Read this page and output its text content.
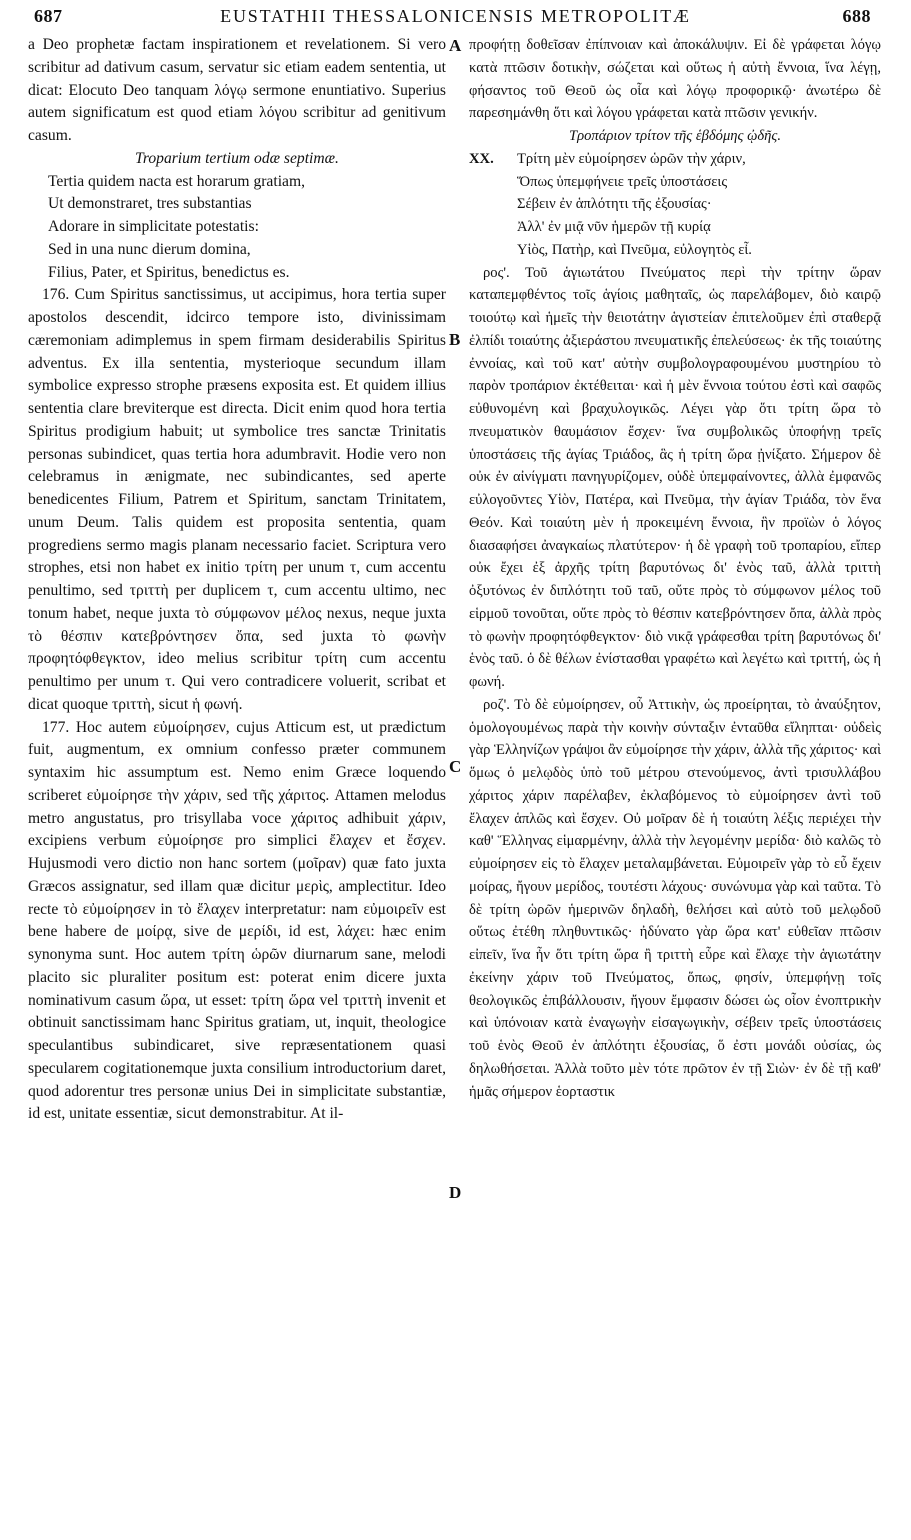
EUSTATHII THESSALONICENSIS METROPOLITÆ
687	688
A
B
C
D

a Deo prophetæ factam inspirationem et revelationem. Si vero scribitur ad dativum casum, servatur sic etiam eadem sententia, ut dicat: Elocuto Deo tanquam λόγῳ sermone enuntiativo. Superius autem significatum est quod etiam λόγου scribitur ad genitivum casum.

Troparium tertium odæ septimæ.

Tertia quidem nacta est horarum gratiam,

Ut demonstraret, tres substantias

Adorare in simplicitate potestatis:

Sed in una nunc dierum domina,

Filius, Pater, et Spiritus, benedictus es.

176. Cum Spiritus sanctissimus, ut accipimus, hora tertia super apostolos descendit, idcirco tempore isto, divinissimam cæremoniam adimplemus in spem firmam desiderabilis Spiritus adventus. Ex illa sententia, mysterioque secundum illam symbolice expresso strophe præsens exposita est. Et quidem illius sententia clare breviterque est directa. Dicit enim quod hora tertia Spiritus prodigium habuit; ut symbolice tres sanctæ Trinitatis personas subindicet, quas tertia hora adumbravit. Hodie vero non celebramus in ænigmate, nec subindicantes, sed aperte benedicentes Filium, Patrem et Spiritum, sanctam Trinitatem, unum Deum. Talis quidem est proposita sententia, quam progrediens sermo magis planam necessario faciet. Scriptura vero strophes, etsi non habet ex initio τρίτη per unum τ, cum accentu penultimo, sed τριττὴ per duplicem τ, cum accentu ultimo, nec tonum habet, neque juxta τὸ σύμφωνον μέλος nexus, neque juxta τὸ θέσπιν κατεβρόντησεν ὄπα, sed juxta τὸ φωνὴν προφητόφθεγκτον, ideo melius scribitur τρίτη cum accentu penultimo per unum τ. Qui vero contradicere voluerit, scribat et dicat quoque τριττὴ, sicut ἡ φωνή.

177. Hoc autem εὐμοίρησεν, cujus Atticum est, ut prædictum fuit, augmentum, ex omnium confesso præter communem syntaxim hic assumptum est. Nemo enim Græce loquendo scriberet εὐμοίρησε τὴν χάριν, sed τῆς χάριτος. Attamen melodus metro angustatus, pro trisyllaba voce χάριτος adhibuit χάριν, excipiens verbum εὐμοίρησε pro simplici ἔλαχεν et ἔσχεν. Hujusmodi vero dictio non hanc sortem (μοῖραν) quæ fato juxta Græcos assignatur, sed illam quæ dicitur μερὶς, amplectitur. Ideo recte τὸ εὐμοίρησεν in τὸ ἔλαχεν interpretatur: nam εὐμοιρεῖν est bene habere de μοίρᾳ, sive de μερίδι, id est, λάχει: hæc enim synonyma sunt. Hoc autem τρίτη ὡρῶν diurnarum sane, melodi placito sic pluraliter positum est: poterat enim dicere juxta nominativum casum ὥρα, ut esset: τρίτη ὥρα vel τριττὴ invenit et obtinuit sanctissimam hanc Spiritus gratiam, ut, inquit, theologice speculantibus subindicaret, sive repræsentationem quasi specularem cogitationemque juxta consilium introductorium daret, quod adorentur tres personæ unius Dei in simplicitate substantiæ, id est, unitate essentiæ, sicut demonstrabitur. At il-

προφήτῃ δοθεῖσαν ἐπίπνοιαν καὶ ἀποκάλυψιν. Εἰ δὲ γράφεται λόγῳ κατὰ πτῶσιν δοτικὴν, σώζεται καὶ οὕτως ἡ αὐτὴ ἔννοια, ἵνα λέγῃ, φήσαντος τοῦ Θεοῦ ὡς οἷα καὶ λόγῳ προφορικῷ· ἀνωτέρω δὲ παρεσημάνθη ὅτι καὶ λόγου γράφεται κατὰ πτῶσιν γενικήν.

Τροπάριον τρίτον τῆς ἑβδόμης ᾠδῆς.

ΧΧ. Τρίτη μὲν εὐμοίρησεν ὡρῶν τὴν χάριν,

Ὅπως ὑπεμφήνειε τρεῖς ὑποστάσεις

Σέβειν ἐν ἁπλότητι τῆς ἐξουσίας·

Ἀλλ' ἐν μιᾷ νῦν ἡμερῶν τῇ κυρίᾳ

Υἱὸς, Πατὴρ, καὶ Πνεῦμα, εὐλογητὸς εἶ.

ρος'. Τοῦ ἁγιωτάτου Πνεύματος περὶ τὴν τρίτην ὥραν καταπεμφθέντος τοῖς ἁγίοις μαθηταῖς, ὡς παρελάβομεν, διὸ καιρῷ τοιούτῳ καὶ ἡμεῖς τὴν θειοτάτην ἁγιστείαν ἐπιτελοῦμεν ἐπὶ σταθερᾷ ἐλπίδι τοιαύτης ἀξιεράστου πνευματικῆς ἐπελεύσεως· ἐκ τῆς τοιαύτης ἐννοίας, καὶ τοῦ κατ' αὐτὴν συμβολογραφουμένου μυστηρίου τὸ παρὸν τροπάριον ἐκτέθειται· καὶ ἡ μὲν ἔννοια τούτου ἐστὶ καὶ σαφῶς εὐθυνομένη καὶ βραχυλογικῶς. Λέγει γὰρ ὅτι τρίτη ὥρα τὸ πνευματικὸν θαυμάσιον ἔσχεν· ἵνα συμβολικῶς ὑποφήνῃ τρεῖς ὑποστάσεις τῆς ἁγίας Τριάδος, ἃς ἡ τρίτη ὥρα ᾐνίξατο. Σήμερον δὲ οὐκ ἐν αἰνίγματι πανηγυρίζομεν, οὐδὲ ὑπεμφαίνοντες, ἀλλὰ ἐμφανῶς εὐλογοῦντες Υἱὸν, Πατέρα, καὶ Πνεῦμα, τὴν ἁγίαν Τριάδα, τὸν ἕνα Θεόν. Καὶ τοιαύτη μὲν ἡ προκειμένη ἔννοια, ἣν προϊὼν ὁ λόγος διασαφήσει ἀναγκαίως πλατύτερον· ἡ δὲ γραφὴ τοῦ τροπαρίου, εἴπερ οὐκ ἔχει ἐξ ἀρχῆς τρίτη βαρυτόνως δι' ἑνὸς ταῦ, ἀλλὰ τριττὴ ὀξυτόνως ἐν διπλότητι τοῦ ταῦ, οὔτε πρὸς τὸ σύμφωνον μέλος τοῦ εἱρμοῦ τονοῦται, οὔτε πρὸς τὸ θέσπιν κατεβρόντησεν ὄπα, ἀλλὰ πρὸς τὸ φωνὴν προφητόφθεγκτον· διὸ νικᾷ γράφεσθαι τρίτη βαρυτόνως δι' ἑνὸς ταῦ. ὁ δὲ θέλων ἐνίστασθαι γραφέτω καὶ λεγέτω καὶ τριττή, ὡς ἡ φωνή.

ροζ'. Τὸ δὲ εὐμοίρησεν, οὗ Ἀττικὴν, ὡς προείρηται, τὸ ἀναύξητον, ὁμολογουμένως παρὰ τὴν κοινὴν σύνταξιν ἐνταῦθα εἴληπται· οὐδεὶς γὰρ Ἑλληνίζων γράψοι ἂν εὐμοίρησε τὴν χάριν, ἀλλὰ τῆς χάριτος· καὶ ὅμως ὁ μελῳδὸς ὑπὸ τοῦ μέτρου στενούμενος, ἀντὶ τρισυλλάβου χάριτος χάριν παρέλαβεν, ἐκλαβόμενος τὸ εὐμοίρησεν ἀντὶ τοῦ ἔλαχεν ἁπλῶς καὶ ἔσχεν. Οὐ μοῖραν δὲ ἡ τοιαύτη λέξις περιέχει τὴν καθ' Ἕλληνας εἱμαρμένην, ἀλλὰ τὴν λεγομένην μερίδα· διὸ καλῶς τὸ εὐμοίρησεν εἰς τὸ ἔλαχεν μεταλαμβάνεται. Εὐμοιρεῖν γὰρ τὸ εὖ ἔχειν μοίρας, ἤγουν μερίδος, τουτέστι λάχους· συνώνυμα γὰρ καὶ ταῦτα. Τὸ δὲ τρίτη ὡρῶν ἡμερινῶν δηλαδὴ, θελήσει καὶ αὐτὸ τοῦ μελῳδοῦ οὕτως ἐτέθη πληθυντικῶς· ἠδύνατο γὰρ ὥρα κατ' εὐθεῖαν πτῶσιν εἰπεῖν, ἵνα ἦν ὅτι τρίτη ὥρα ἢ τριττὴ εὗρε καὶ ἔλαχε τὴν ἁγιωτάτην ἐκείνην χάριν τοῦ Πνεύματος, ὅπως, φησίν, ὑπεμφήνῃ τοῖς θεολογικῶς ἐπιβάλλουσιν, ἤγουν ἔμφασιν δώσει ὡς οἷον ἐνοπτρικὴν καὶ ὑπόνοιαν κατὰ ἐναγωγὴν εἰσαγωγικὴν, σέβειν τρεῖς ὑποστάσεις τοῦ ἑνὸς Θεοῦ ἐν ἁπλότητι ἐξουσίας, ὅ ἐστι μονάδι οὐσίας, ὡς δηλωθήσεται. Ἀλλὰ τοῦτο μὲν τότε πρῶτον ἐν τῇ Σιὼν· ἐν δὲ τῇ καθ' ἡμᾶς σήμερον ἑορταστικ
